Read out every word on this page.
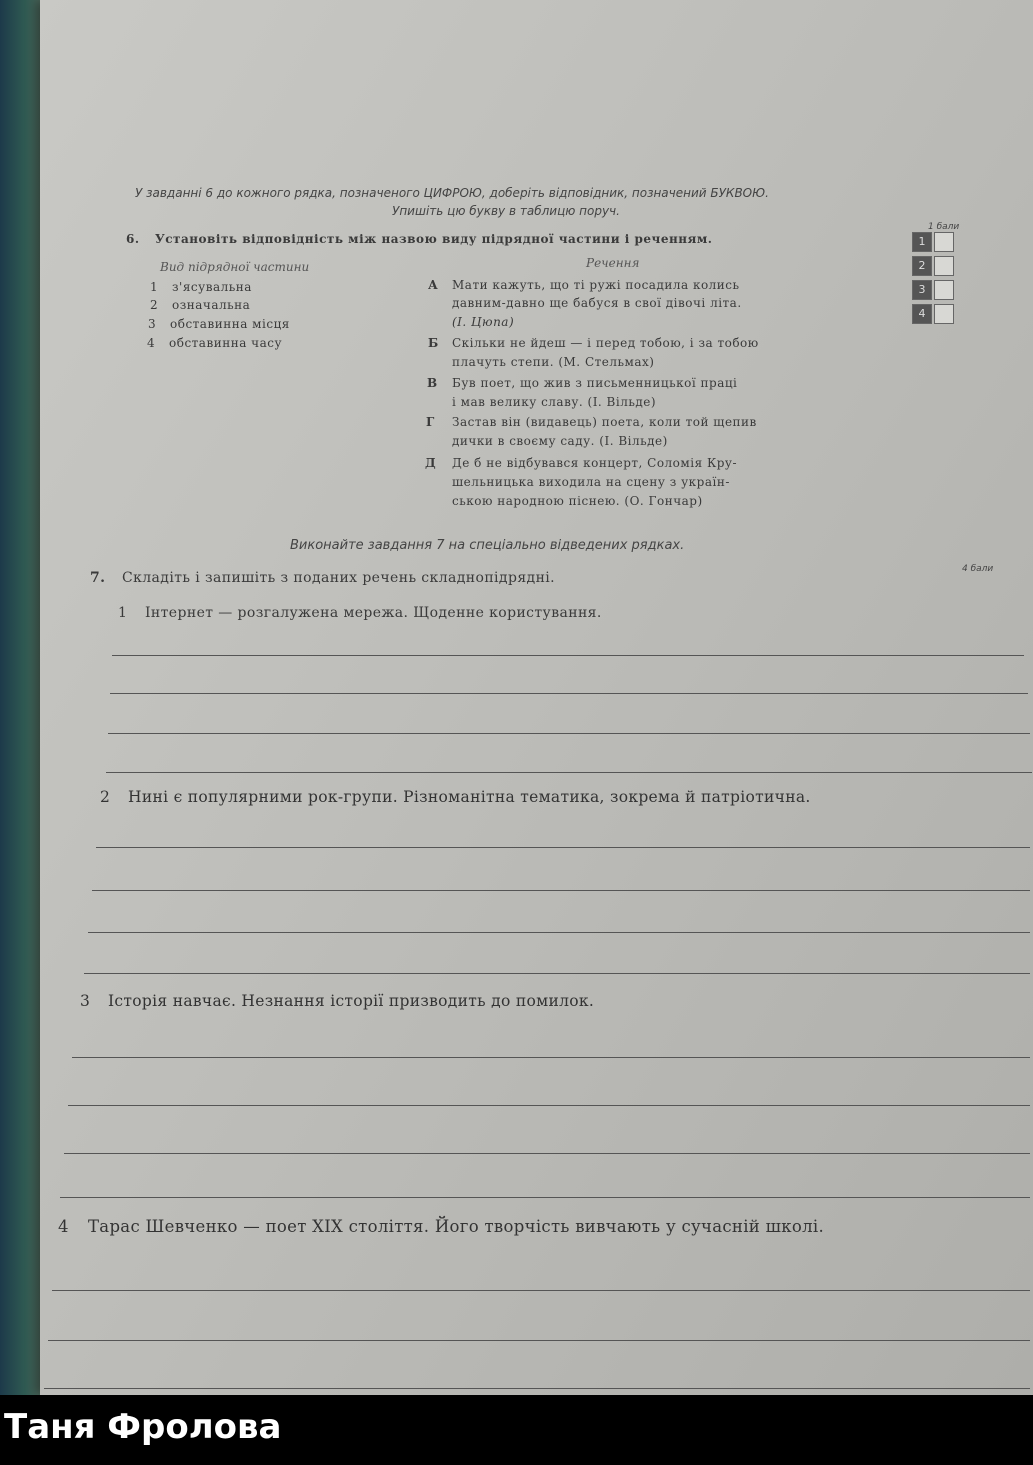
У завданні 6 до кожного рядка, позначеного ЦИФРОЮ, доберіть відповідник, позначений БУКВОЮ.
Упишіть цю букву в таблицю поруч.
6. Установіть відповідність між назвою виду підрядної частини і реченням.
1 бали
Вид підрядної частини	Речення
1 з'ясувальна
2 означальна
3 обставинна місця
4 обставинна часу
А Мати кажуть, що ті ружі посадила колись
давним-давно ще бабуся в свої дівочі літа.
(І. Цюпа)
Б Скільки не йдеш — і перед тобою, і за тобою
плачуть степи. (М. Стельмах)
В Був поет, що жив з письменницької праці
і мав велику славу. (І. Вільде)
Г Застав він (видавець) поета, коли той щепив
дички в своєму саду. (І. Вільде)
Д Де б не відбувався концерт, Соломія Кру-
шельницька виходила на сцену з україн-
ською народною піснею. (О. Гончар)
1
2
3
4
Виконайте завдання 7 на спеціально відведених рядках.
7. Складіть і запишіть з поданих речень складнопідрядні.
4 бали
1 Інтернет — розгалужена мережа. Щоденне користування.
2 Нині є популярними рок-групи. Різноманітна тематика, зокрема й патріотична.
3 Історія навчає. Незнання історії призводить до помилок.
4 Тарас Шевченко — поет XIX століття. Його творчість вивчають у сучасній школі.
Таня Фролова
